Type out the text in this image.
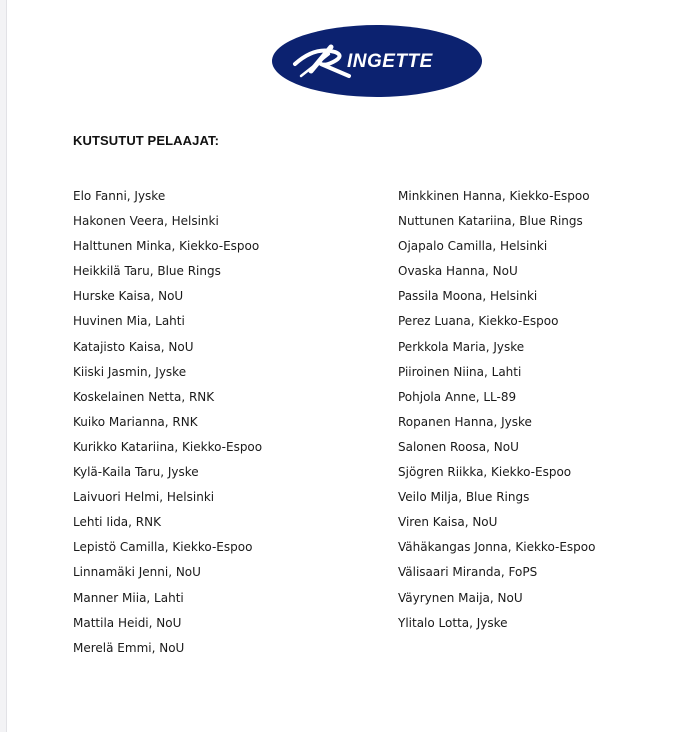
INGETTE
KUTSUTUT PELAAJAT:
Elo Fanni, Jyske
Hakonen Veera, Helsinki
Halttunen Minka, Kiekko-Espoo
Heikkilä Taru, Blue Rings
Hurske Kaisa, NoU
Huvinen Mia, Lahti
Katajisto Kaisa, NoU
Kiiski Jasmin, Jyske
Koskelainen Netta, RNK
Kuiko Marianna, RNK
Kurikko Katariina, Kiekko-Espoo
Kylä-Kaila Taru, Jyske
Laivuori Helmi, Helsinki
Lehti Iida, RNK
Lepistö Camilla, Kiekko-Espoo
Linnamäki Jenni, NoU
Manner Miia, Lahti
Mattila Heidi, NoU
Merelä Emmi, NoU
Minkkinen Hanna, Kiekko-Espoo
Nuttunen Katariina, Blue Rings
Ojapalo Camilla, Helsinki
Ovaska Hanna, NoU
Passila Moona, Helsinki
Perez Luana, Kiekko-Espoo
Perkkola Maria, Jyske
Piiroinen Niina, Lahti
Pohjola Anne, LL-89
Ropanen Hanna, Jyske
Salonen Roosa, NoU
Sjögren Riikka, Kiekko-Espoo
Veilo Milja, Blue Rings
Viren Kaisa, NoU
Vähäkangas Jonna, Kiekko-Espoo
Välisaari Miranda, FoPS
Väyrynen Maija, NoU
Ylitalo Lotta, Jyske
